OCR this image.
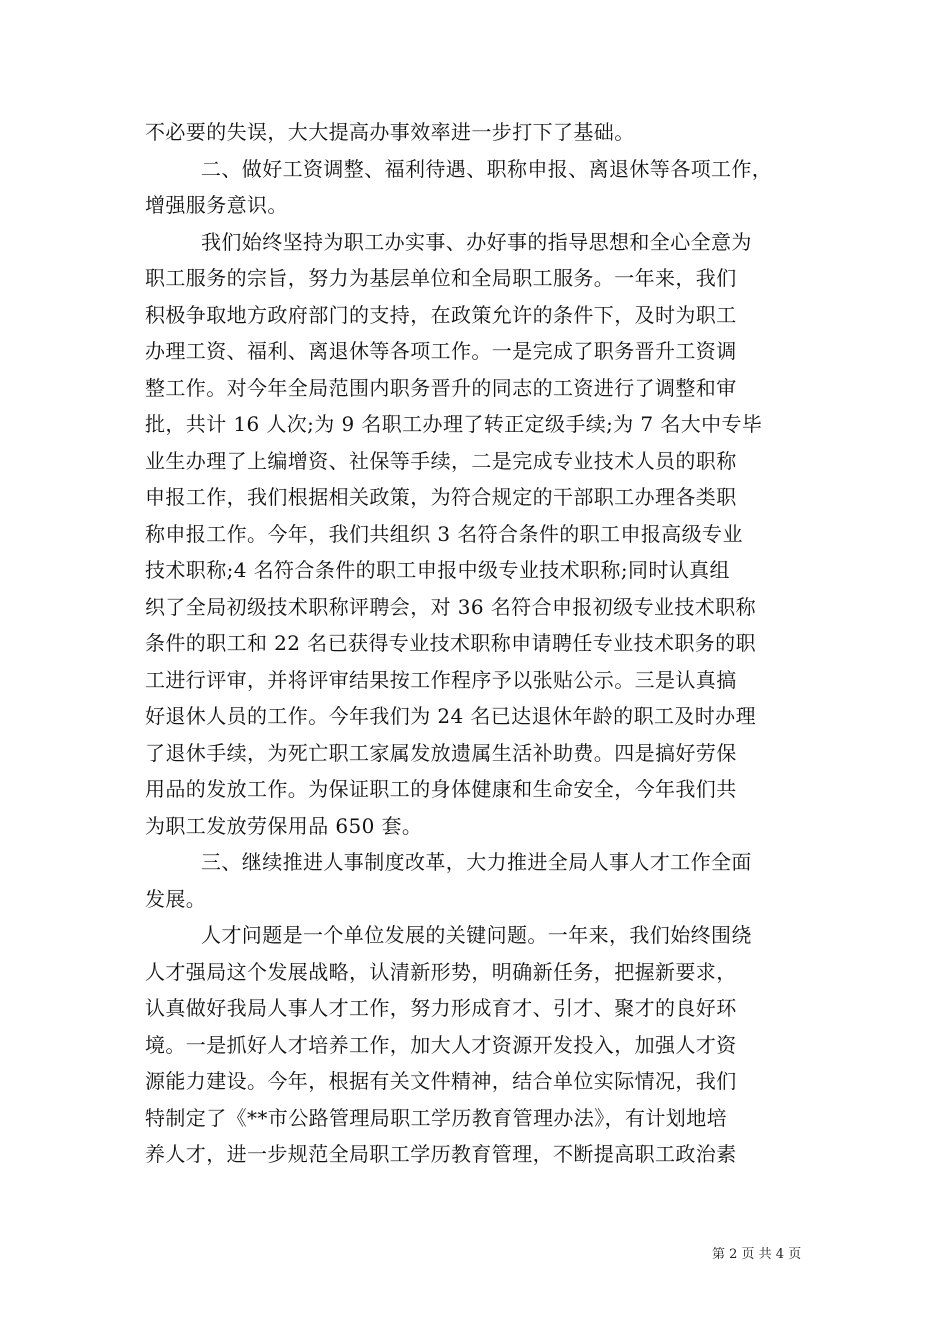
不必要的失误，大大提高办事效率进一步打下了基础。
二、做好工资调整、福利待遇、职称申报、离退休等各项工作，
增强服务意识。
我们始终坚持为职工办实事、办好事的指导思想和全心全意为
职工服务的宗旨，努力为基层单位和全局职工服务。一年来，我们
积极争取地方政府部门的支持，在政策允许的条件下，及时为职工
办理工资、福利、离退休等各项工作。一是完成了职务晋升工资调
整工作。对今年全局范围内职务晋升的同志的工资进行了调整和审
批，共计 16 人次;为 9 名职工办理了转正定级手续;为 7 名大中专毕
业生办理了上编增资、社保等手续，二是完成专业技术人员的职称
申报工作，我们根据相关政策，为符合规定的干部职工办理各类职
称申报工作。今年，我们共组织 3 名符合条件的职工申报高级专业
技术职称;4 名符合条件的职工申报中级专业技术职称;同时认真组
织了全局初级技术职称评聘会，对 36 名符合申报初级专业技术职称
条件的职工和 22 名已获得专业技术职称申请聘任专业技术职务的职
工进行评审，并将评审结果按工作程序予以张贴公示。三是认真搞
好退休人员的工作。今年我们为 24 名已达退休年龄的职工及时办理
了退休手续，为死亡职工家属发放遗属生活补助费。四是搞好劳保
用品的发放工作。为保证职工的身体健康和生命安全，今年我们共
为职工发放劳保用品 650 套。
三、继续推进人事制度改革，大力推进全局人事人才工作全面
发展。
人才问题是一个单位发展的关键问题。一年来，我们始终围绕
人才强局这个发展战略，认清新形势，明确新任务，把握新要求，
认真做好我局人事人才工作，努力形成育才、引才、聚才的良好环
境。一是抓好人才培养工作，加大人才资源开发投入，加强人才资
源能力建设。今年，根据有关文件精神，结合单位实际情况，我们
特制定了《**市公路管理局职工学历教育管理办法》，有计划地培
养人才，进一步规范全局职工学历教育管理，不断提高职工政治素
第 2 页 共 4 页
